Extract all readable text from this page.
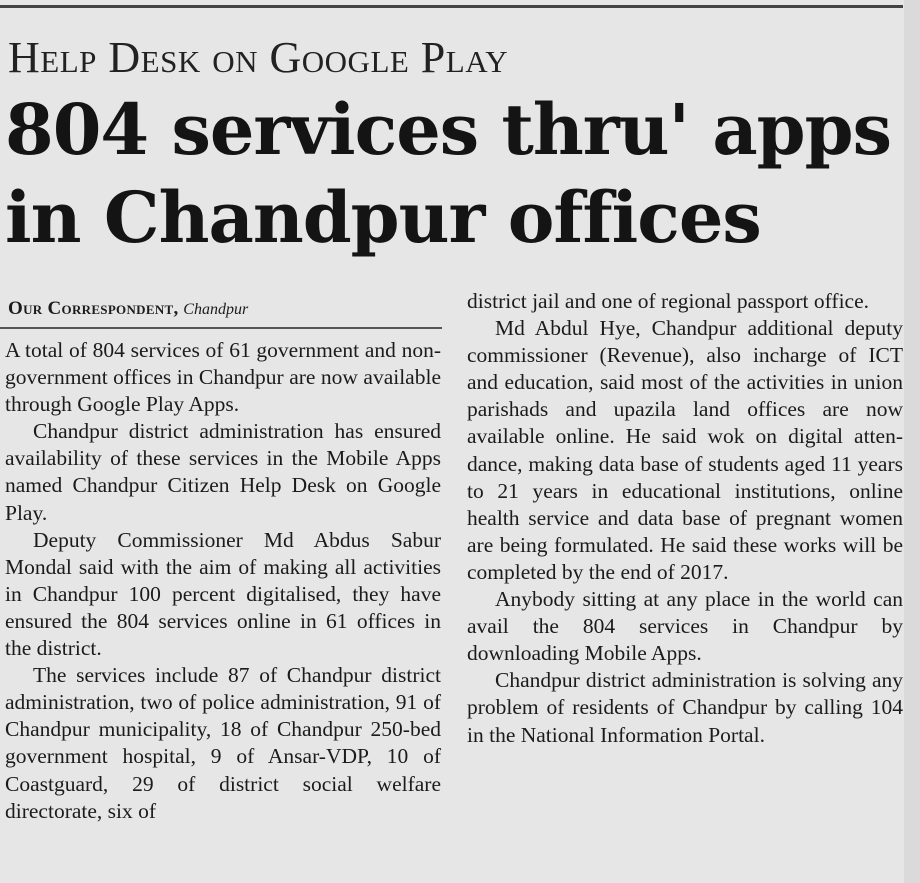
Help Desk on Google Play
804 services thru' apps
in Chandpur offices
Our Correspondent, Chandpur

A total of 804 services of 61 government and non-government offices in Chandpur are now available through Google Play Apps.

Chandpur district administration has ensured availability of these services in the Mobile Apps named Chandpur Citizen Help Desk on Google Play.

Deputy Commissioner Md Abdus Sabur Mondal said with the aim of making all activities in Chandpur 100 percent digitalised, they have ensured the 804 services online in 61 offices in the district.

The services include 87 of Chandpur district administration, two of police administration, 91 of Chandpur municipality, 18 of Chandpur 250-bed government hospital, 9 of Ansar-VDP, 10 of Coastguard, 29 of district social welfare directorate, six of

district jail and one of regional passport office.

Md Abdul Hye, Chandpur additional deputy commissioner (Revenue), also incharge of ICT and education, said most of the activities in union parishads and upazila land offices are now available online. He said wok on digital attendance, making data base of students aged 11 years to 21 years in educational institutions, online health service and data base of pregnant women are being formulated. He said these works will be completed by the end of 2017.

Anybody sitting at any place in the world can avail the 804 services in Chandpur by downloading Mobile Apps.

Chandpur district administration is solving any problem of residents of Chandpur by calling 104 in the National Information Portal.
